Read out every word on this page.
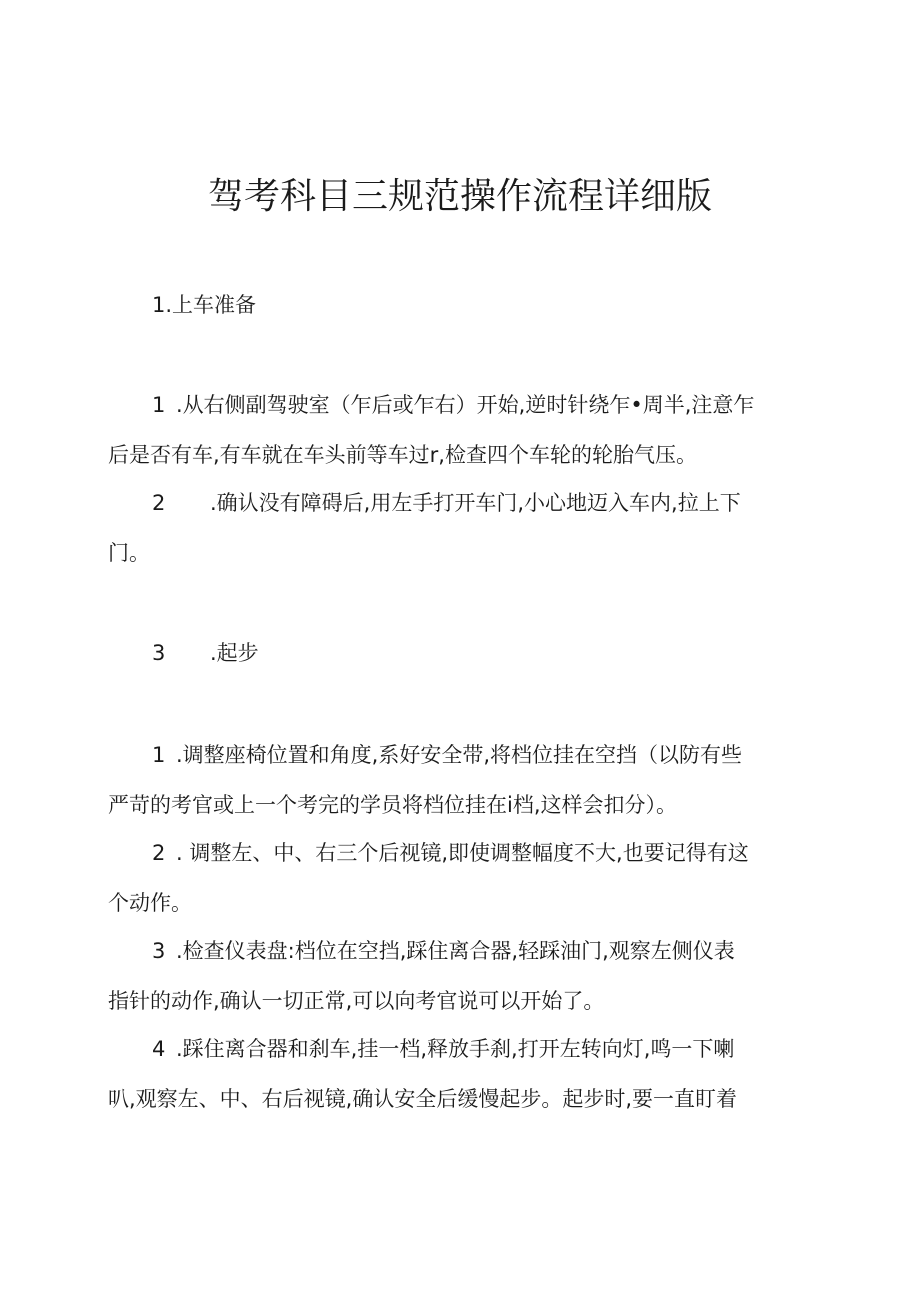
驾考科目三规范操作流程详细版
1.上车准备
1 .从右侧副驾驶室（乍后或乍右）开始,逆时针绕乍•周半,注意乍
后是否有车,有车就在车头前等车过r,检查四个车轮的轮胎气压。
2 .确认没有障碍后,用左手打开车门,小心地迈入车内,拉上下
门。
3 .起步
1 .调整座椅位置和角度,系好安全带,将档位挂在空挡（以防有些
严苛的考官或上一个考完的学员将档位挂在i档,这样会扣分）。
2 . 调整左、中、右三个后视镜,即使调整幅度不大,也要记得有这
个动作。
3 .检查仪表盘:档位在空挡,踩住离合器,轻踩油门,观察左侧仪表
指针的动作,确认一切正常,可以向考官说可以开始了。
4 .踩住离合器和刹车,挂一档,释放手刹,打开左转向灯,鸣一下喇
叭,观察左、中、右后视镜,确认安全后缓慢起步。起步时,要一直盯着
